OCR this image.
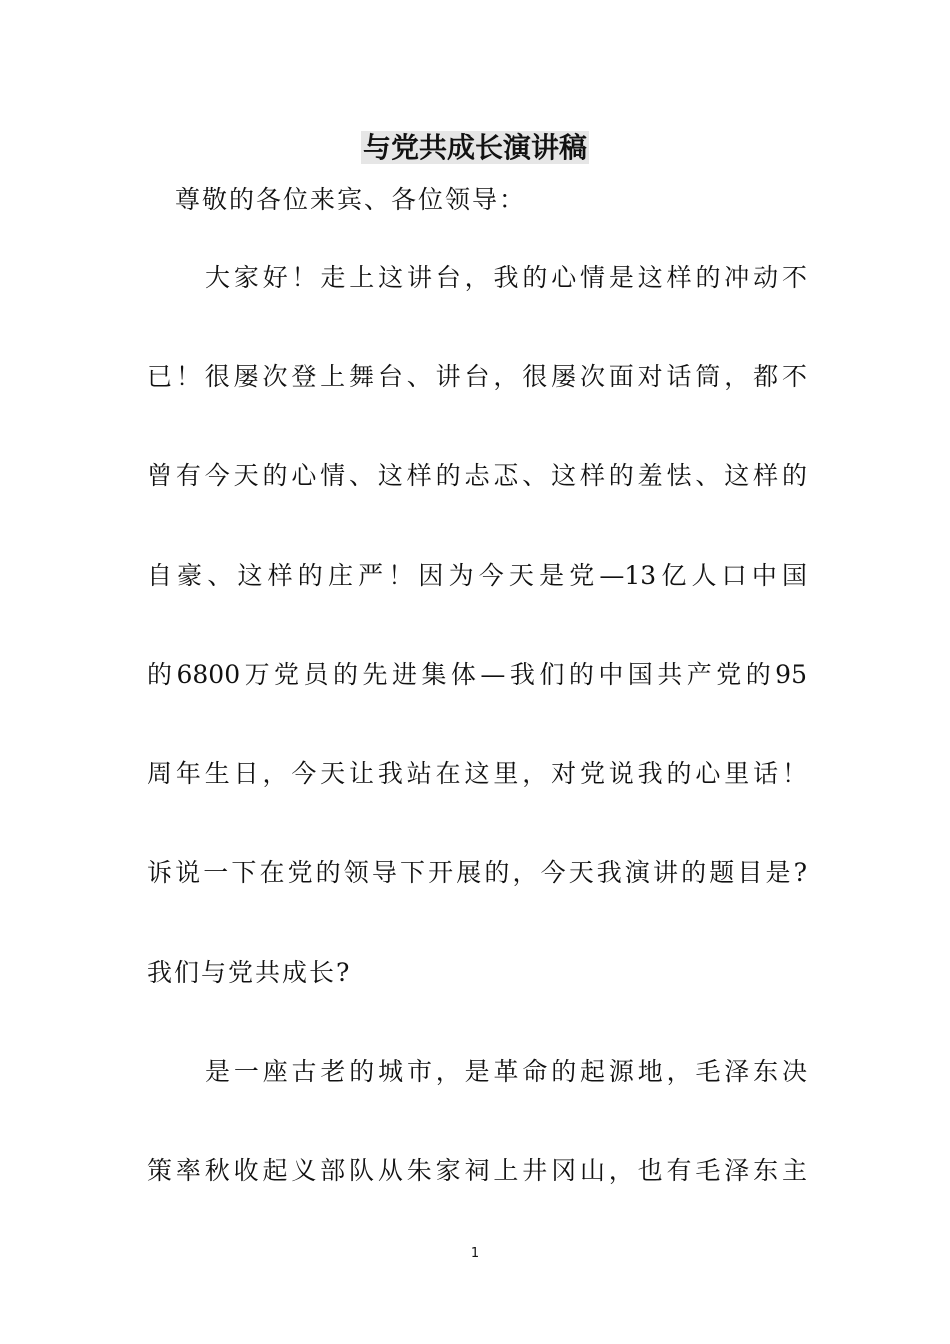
与党共成长演讲稿
尊敬的各位来宾、各位领导：
大家好！走上这讲台，我的心情是这样的冲动不
已！很屡次登上舞台、讲台，很屡次面对话筒，都不
曾有今天的心情、这样的忐忑、这样的羞怯、这样的
自豪、这样的庄严！因为今天是党—13亿人口中国
的6800万党员的先进集体—我们的中国共产党的95
周年生日，今天让我站在这里，对党说我的心里话！
诉说一下在党的领导下开展的，今天我演讲的题目是?
我们与党共成长?
是一座古老的城市，是革命的起源地，毛泽东决
策率秋收起义部队从朱家祠上井冈山，也有毛泽东主
1
